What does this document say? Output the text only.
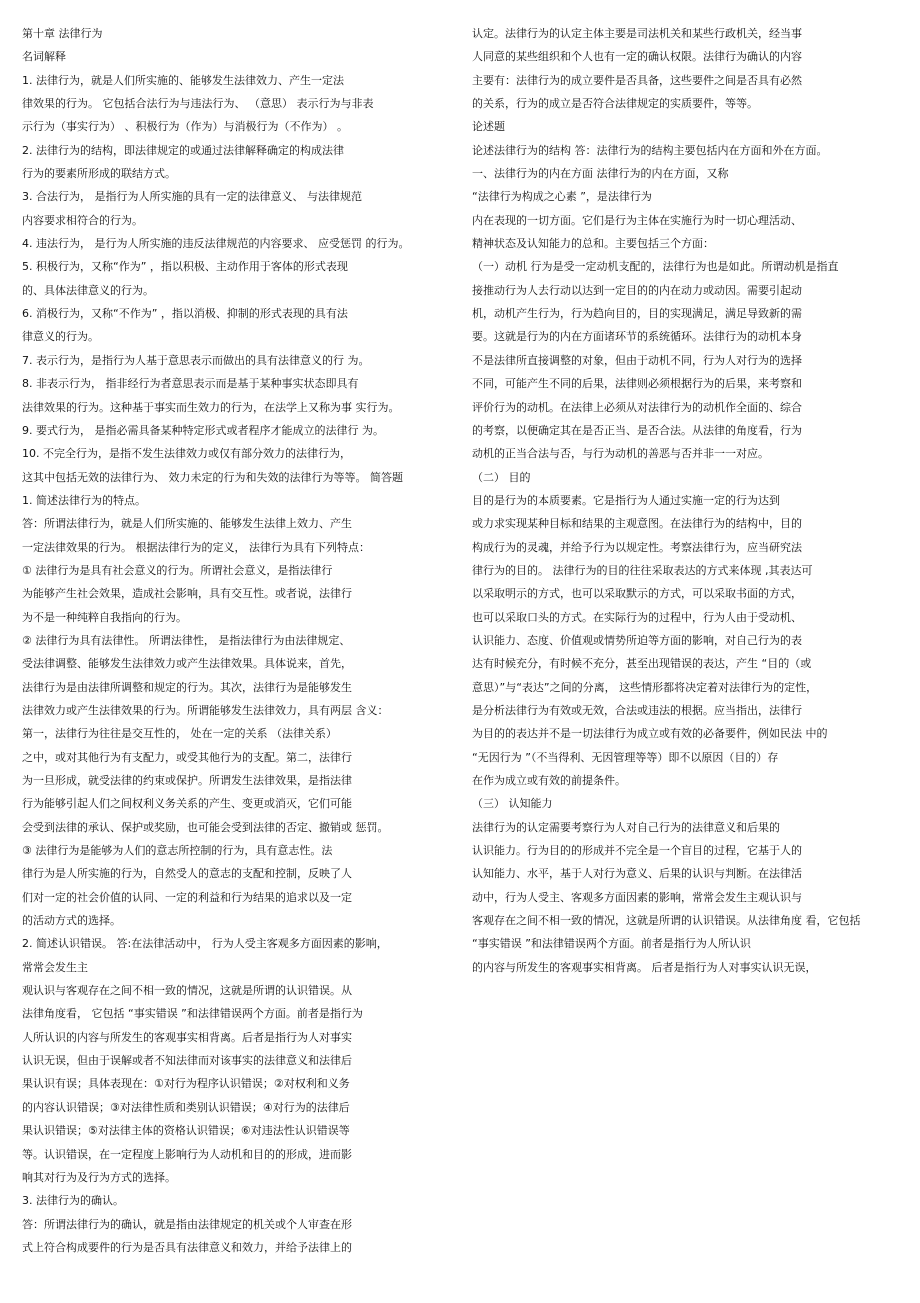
第十章 法律行为
名词解释
1. 法律行为，就是人们所实施的、能够发生法律效力、产生一定法
律效果的行为。 它包括合法行为与违法行为、 （意思） 表示行为与非表
示行为（事实行为） 、积极行为（作为）与消极行为（不作为） 。
2. 法律行为的结构，即法律规定的或通过法律解释确定的构成法律
行为的要素所形成的联结方式。
3. 合法行为， 是指行为人所实施的具有一定的法律意义、 与法律规范
内容要求相符合的行为。
4. 违法行为， 是行为人所实施的违反法律规范的内容要求、 应受惩罚 的行为。
5. 积极行为，又称“作为” ，指以积极、主动作用于客体的形式表现
的、具体法律意义的行为。
6. 消极行为，又称“不作为” ，指以消极、抑制的形式表现的具有法
律意义的行为。
7. 表示行为，是指行为人基于意思表示而做出的具有法律意义的行 为。
8. 非表示行为， 指非经行为者意思表示而是基于某种事实状态即具有
法律效果的行为。这种基于事实而生效力的行为，在法学上又称为事 实行为。
9. 要式行为， 是指必需具备某种特定形式或者程序才能成立的法律行 为。
10. 不完全行为，是指不发生法律效力或仅有部分效力的法律行为，
这其中包括无效的法律行为、 效力未定的行为和失效的法律行为等等。 简答题
1. 简述法律行为的特点。
答：所谓法律行为，就是人们所实施的、能够发生法律上效力、产生
一定法律效果的行为。 根据法律行为的定义， 法律行为具有下列特点：
① 法律行为是具有社会意义的行为。所谓社会意义，是指法律行
为能够产生社会效果，造成社会影响，具有交互性。或者说，法律行
为不是一种纯粹自我指向的行为。
② 法律行为具有法律性。 所谓法律性， 是指法律行为由法律规定、
受法律调整、能够发生法律效力或产生法律效果。具体说来，首先，
法律行为是由法律所调整和规定的行为。其次，法律行为是能够发生
法律效力或产生法律效果的行为。所谓能够发生法律效力，具有两层 含义：
第一，法律行为往往是交互性的， 处在一定的关系 （法律关系）
之中，或对其他行为有支配力，或受其他行为的支配。第二，法律行
为一旦形成，就受法律的约束或保护。所谓发生法律效果，是指法律
行为能够引起人们之间权利义务关系的产生、变更或消灭，它们可能
会受到法律的承认、保护或奖励，也可能会受到法律的否定、撤销或 惩罚。
③ 法律行为是能够为人们的意志所控制的行为，具有意志性。法
律行为是人所实施的行为，自然受人的意志的支配和控制，反映了人
们对一定的社会价值的认同、一定的利益和行为结果的追求以及一定
的活动方式的选择。
2. 简述认识错误。 答:在法律活动中， 行为人受主客观多方面因素的影响，
常常会发生主
观认识与客观存在之间不相一致的情况，这就是所谓的认识错误。从
法律角度看， 它包括 “事实错误 ”和法律错误两个方面。前者是指行为
人所认识的内容与所发生的客观事实相背离。后者是指行为人对事实
认识无误，但由于误解或者不知法律而对该事实的法律意义和法律后
果认识有误；具体表现在：①对行为程序认识错误；②对权利和义务
的内容认识错误；③对法律性质和类别认识错误；④对行为的法律后
果认识错误；⑤对法律主体的资格认识错误；⑥对违法性认识错误等
等。认识错误，在一定程度上影响行为人动机和目的的形成，进而影
响其对行为及行为方式的选择。
3. 法律行为的确认。
答：所谓法律行为的确认，就是指由法律规定的机关或个人审查在形
式上符合构成要件的行为是否具有法律意义和效力，并给予法律上的
认定。法律行为的认定主体主要是司法机关和某些行政机关，经当事
人同意的某些组织和个人也有一定的确认权限。法律行为确认的内容
主要有：法律行为的成立要件是否具备，这些要件之间是否具有必然
的关系，行为的成立是否符合法律规定的实质要件，等等。
论述题
论述法律行为的结构 答：法律行为的结构主要包括内在方面和外在方面。
一、法律行为的内在方面 法律行为的内在方面，又称
“法律行为构成之心素 ”，是法律行为
内在表现的一切方面。它们是行为主体在实施行为时一切心理活动、
精神状态及认知能力的总和。主要包括三个方面：
（一）动机 行为是受一定动机支配的，法律行为也是如此。所谓动机是指直
接推动行为人去行动以达到一定目的的内在动力或动因。需要引起动
机，动机产生行为，行为趋向目的，目的实现满足，满足导致新的需
要。这就是行为的内在方面诸环节的系统循环。法律行为的动机本身
不是法律所直接调整的对象，但由于动机不同，行为人对行为的选择
不同，可能产生不同的后果，法律则必须根据行为的后果，来考察和
评价行为的动机。在法律上必须从对法律行为的动机作全面的、综合
的考察，以便确定其在是否正当、是否合法。从法律的角度看，行为
动机的正当合法与否，与行为动机的善恶与否并非一一对应。
（二） 目的
目的是行为的本质要素。它是指行为人通过实施一定的行为达到
或力求实现某种目标和结果的主观意图。在法律行为的结构中，目的
构成行为的灵魂，并给予行为以规定性。考察法律行为，应当研究法
律行为的目的。 法律行为的目的往往采取表达的方式来体现 ,其表达可
以采取明示的方式，也可以采取默示的方式，可以采取书面的方式，
也可以采取口头的方式。在实际行为的过程中，行为人由于受动机、
认识能力、态度、价值观或情势所迫等方面的影响，对自己行为的表
达有时候充分，有时候不充分，甚至出现错误的表达，产生 “目的（或
意思）”与“表达”之间的分离， 这些情形都将决定着对法律行为的定性，
是分析法律行为有效或无效，合法或违法的根据。应当指出，法律行
为目的的表达并不是一切法律行为成立或有效的必备要件，例如民法 中的
“无因行为 ”（不当得利、无因管理等等）即不以原因（目的）存
在作为成立或有效的前提条件。
（三） 认知能力
法律行为的认定需要考察行为人对自己行为的法律意义和后果的
认识能力。行为目的的形成并不完全是一个盲目的过程，它基于人的
认知能力、水平，基于人对行为意义、后果的认识与判断。在法律活
动中，行为人受主、客观多方面因素的影响，常常会发生主观认识与
客观存在之间不相一致的情况，这就是所谓的认识错误。从法律角度 看，它包括
“事实错误 ”和法律错误两个方面。前者是指行为人所认识
的内容与所发生的客观事实相背离。 后者是指行为人对事实认识无误，
